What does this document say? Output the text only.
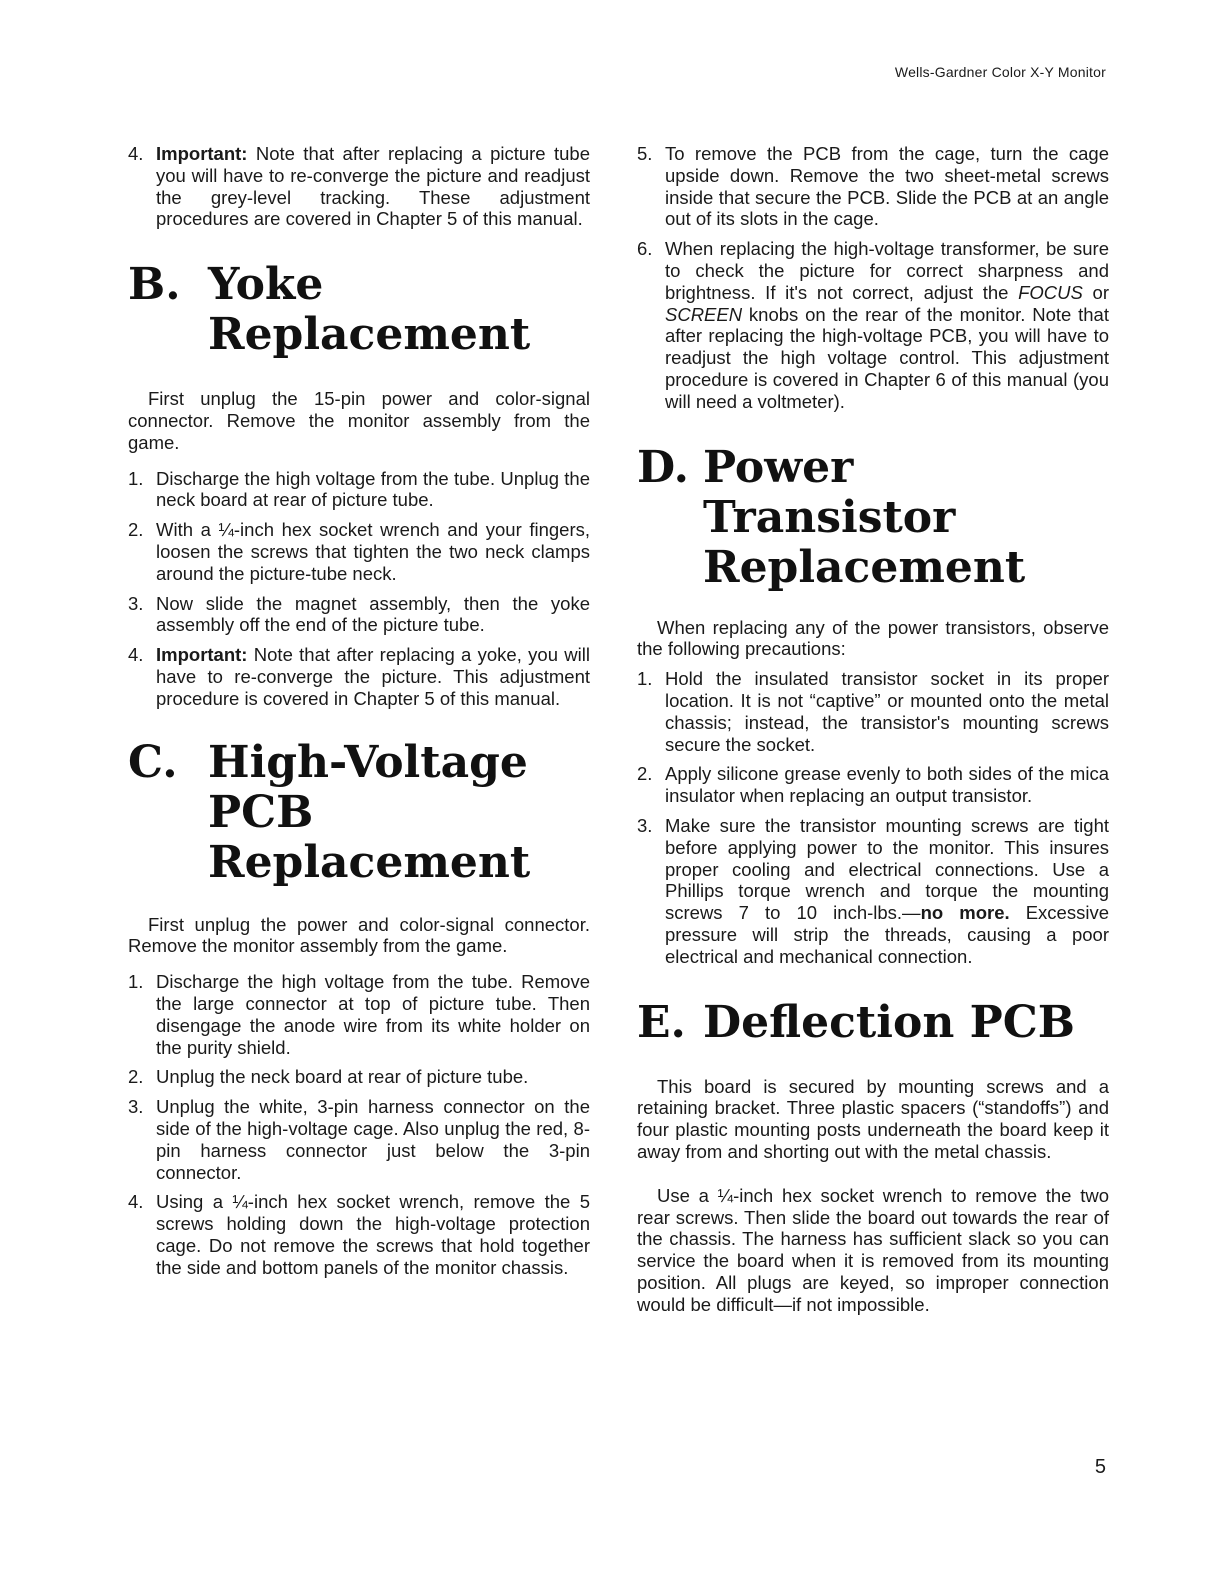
Wells-Gardner Color X-Y Monitor
4. Important: Note that after replacing a picture tube you will have to re-converge the picture and readjust the grey-level tracking. These adjustment procedures are covered in Chapter 5 of this manual.
B. Yoke Replacement

First unplug the 15-pin power and color-signal connector. Remove the monitor assembly from the game.

1. Discharge the high voltage from the tube. Unplug the neck board at rear of picture tube.
2. With a ¼-inch hex socket wrench and your fingers, loosen the screws that tighten the two neck clamps around the picture-tube neck.
3. Now slide the magnet assembly, then the yoke assembly off the end of the picture tube.
4. Important: Note that after replacing a yoke, you will have to re-converge the picture. This adjustment procedure is covered in Chapter 5 of this manual.
C. High-Voltage PCB Replacement

First unplug the power and color-signal connector. Remove the monitor assembly from the game.

1. Discharge the high voltage from the tube. Remove the large connector at top of picture tube. Then disengage the anode wire from its white holder on the purity shield.
2. Unplug the neck board at rear of picture tube.
3. Unplug the white, 3-pin harness connector on the side of the high-voltage cage. Also unplug the red, 8-pin harness connector just below the 3-pin connector.
4. Using a ¼-inch hex socket wrench, remove the 5 screws holding down the high-voltage protection cage. Do not remove the screws that hold together the side and bottom panels of the monitor chassis.
5. To remove the PCB from the cage, turn the cage upside down. Remove the two sheet-metal screws inside that secure the PCB. Slide the PCB at an angle out of its slots in the cage.
6. When replacing the high-voltage transformer, be sure to check the picture for correct sharpness and brightness. If it's not correct, adjust the FOCUS or SCREEN knobs on the rear of the monitor. Note that after replacing the high-voltage PCB, you will have to readjust the high voltage control. This adjustment procedure is covered in Chapter 6 of this manual (you will need a voltmeter).
D. Power Transistor Replacement

When replacing any of the power transistors, observe the following precautions:

1. Hold the insulated transistor socket in its proper location. It is not “captive” or mounted onto the metal chassis; instead, the transistor's mounting screws secure the socket.
2. Apply silicone grease evenly to both sides of the mica insulator when replacing an output transistor.
3. Make sure the transistor mounting screws are tight before applying power to the monitor. This insures proper cooling and electrical connections. Use a Phillips torque wrench and torque the mounting screws 7 to 10 inch-lbs.—no more. Excessive pressure will strip the threads, causing a poor electrical and mechanical connection.
E. Deflection PCB

This board is secured by mounting screws and a retaining bracket. Three plastic spacers (“standoffs”) and four plastic mounting posts underneath the board keep it away from and shorting out with the metal chassis.

Use a ¼-inch hex socket wrench to remove the two rear screws. Then slide the board out towards the rear of the chassis. The harness has sufficient slack so you can service the board when it is removed from its mounting position. All plugs are keyed, so improper connection would be difficult—if not impossible.

5
